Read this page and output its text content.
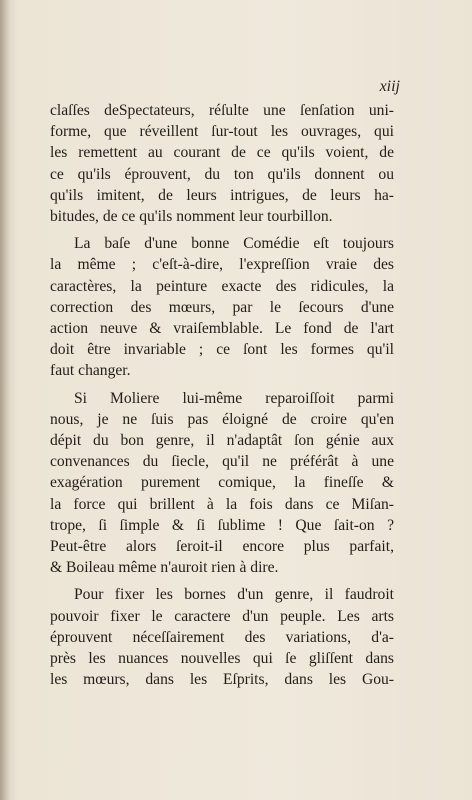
xiij

claſſes deSpectateurs, réſulte une ſenſation uni-
forme, que réveillent ſur-tout les ouvrages, qui
les remettent au courant de ce qu'ils voient, de
ce qu'ils éprouvent, du ton qu'ils donnent ou
qu'ils imitent, de leurs intrigues, de leurs ha-
bitudes, de ce qu'ils nomment leur tourbillon.

La baſe d'une bonne Comédie eſt toujours
la même ; c'eſt-à-dire, l'expreſſion vraie des
caractères, la peinture exacte des ridicules, la
correction des mœurs, par le ſecours d'une
action neuve & vraiſemblable. Le fond de l'art
doit être invariable ; ce ſont les formes qu'il
faut changer.

Si Moliere lui-même reparoiſſoit parmi
nous, je ne ſuis pas éloigné de croire qu'en
dépit du bon genre, il n'adaptât ſon génie aux
convenances du ſiecle, qu'il ne préférât à une
exagération purement comique, la fineſſe &
la force qui brillent à la fois dans ce Miſan-
trope, ſi ſimple & ſi ſublime ! Que ſait-on ?
Peut-être alors ſeroit-il encore plus parfait,
& Boileau même n'auroit rien à dire.

Pour fixer les bornes d'un genre, il faudroit
pouvoir fixer le caractere d'un peuple. Les arts
éprouvent néceſſairement des variations, d'a-
près les nuances nouvelles qui ſe gliſſent dans
les mœurs, dans les Eſprits, dans les Gou-
